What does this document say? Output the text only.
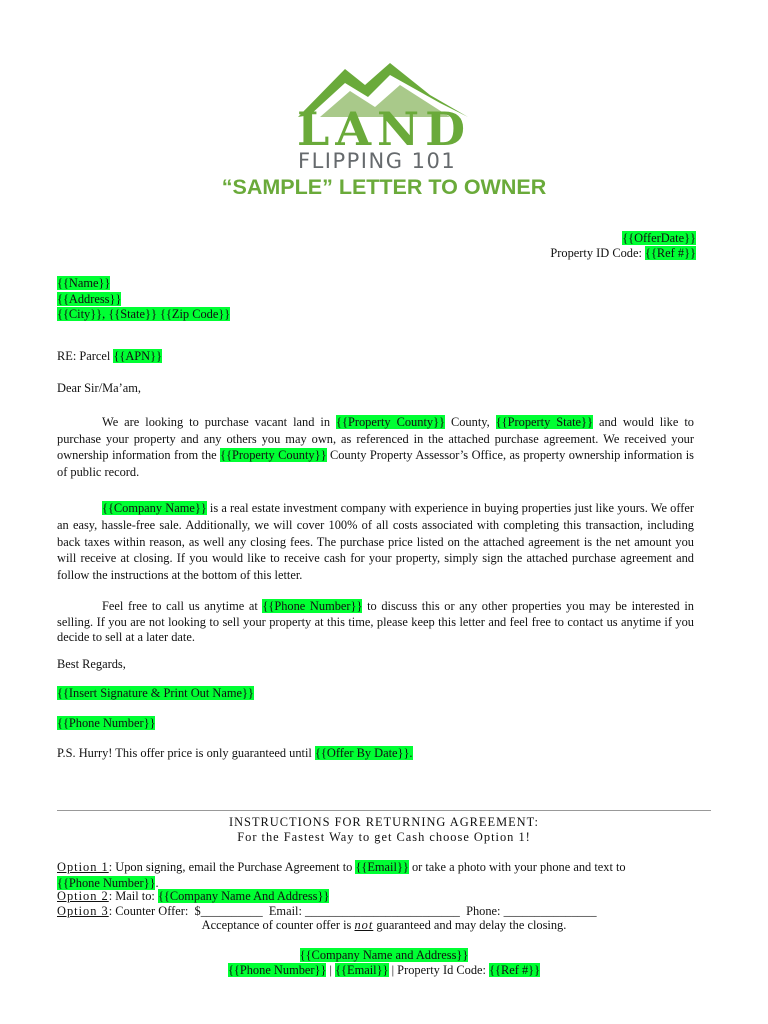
LAND
FLIPPING 101
“SAMPLE” LETTER TO OWNER
{{OfferDate}}
Property ID Code: {{Ref #}}
{{Name}}
{{Address}}
{{City}}, {{State}} {{Zip Code}}
RE: Parcel {{APN}}
Dear Sir/Ma’am,
We are looking to purchase vacant land in {{Property County}} County, {{Property State}} and would like to purchase your property and any others you may own, as referenced in the attached purchase agreement. We received your ownership information from the {{Property County}} County Property Assessor’s Office, as property ownership information is of public record.
{{Company Name}} is a real estate investment company with experience in buying properties just like yours. We offer an easy, hassle-free sale. Additionally, we will cover 100% of all costs associated with completing this transaction, including back taxes within reason, as well any closing fees. The purchase price listed on the attached agreement is the net amount you will receive at closing. If you would like to receive cash for your property, simply sign the attached purchase agreement and follow the instructions at the bottom of this letter.
Feel free to call us anytime at {{Phone Number}} to discuss this or any other properties you may be interested in selling. If you are not looking to sell your property at this time, please keep this letter and feel free to contact us anytime if you decide to sell at a later date.
Best Regards,
{{Insert Signature & Print Out Name}}
{{Phone Number}}
P.S. Hurry! This offer price is only guaranteed until {{Offer By Date}}.
INSTRUCTIONS FOR RETURNING AGREEMENT:
For the Fastest Way to get Cash choose Option 1!
Option 1: Upon signing, email the Purchase Agreement to {{Email}} or take a photo with your phone and text to
{{Phone Number}}.
Option 2: Mail to: {{Company Name And Address}}
Option 3: Counter Offer:  $__________  Email: _________________________  Phone: _______________
Acceptance of counter offer is not guaranteed and may delay the closing.
{{Company Name and Address}}
{{Phone Number}} | {{Email}} | Property Id Code: {{Ref #}}
